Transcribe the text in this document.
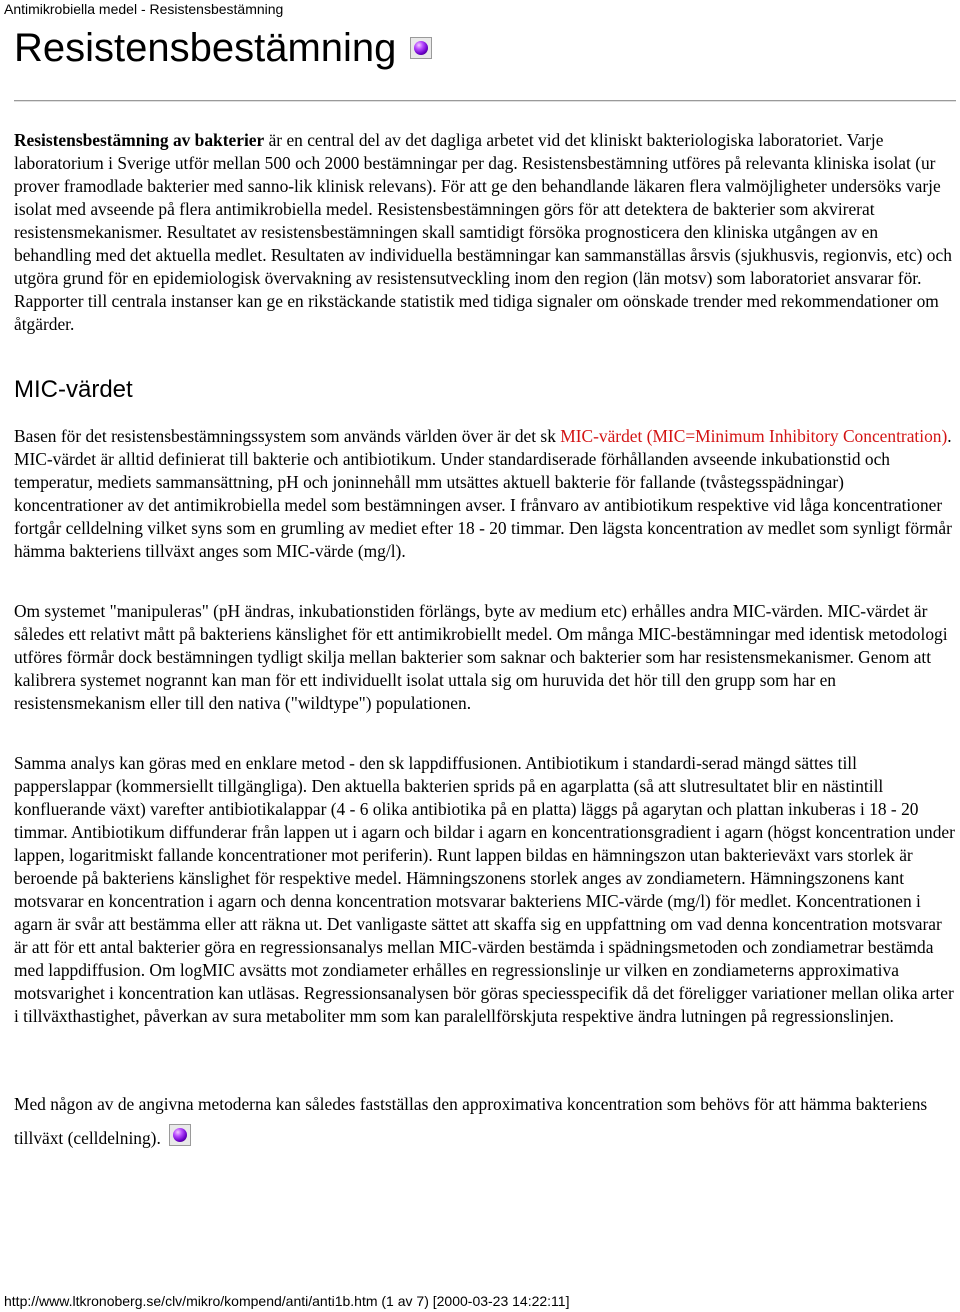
Antimikrobiella medel - Resistensbestämning
Resistensbestämning

Resistensbestämning av bakterier är en central del av det dagliga arbetet vid det kliniskt bakteriologiska laboratoriet. Varje laboratorium i Sverige utför mellan 500 och 2000 bestämningar per dag. Resistensbestämning utföres på relevanta kliniska isolat (ur prover framodlade bakterier med sanno-lik klinisk relevans). För att ge den behandlande läkaren flera valmöjligheter undersöks varje isolat med avseende på flera antimikrobiella medel. Resistensbestämningen görs för att detektera de bakterier som akvirerat resistensmekanismer. Resultatet av resistensbestämningen skall samtidigt försöka prognosticera den kliniska utgången av en behandling med det aktuella medlet. Resultaten av individuella bestämningar kan sammanställas årsvis (sjukhusvis, regionvis, etc) och utgöra grund för en epidemiologisk övervakning av resistensutveckling inom den region (län motsv) som laboratoriet ansvarar för. Rapporter till centrala instanser kan ge en rikstäckande statistik med tidiga signaler om oönskade trender med rekommendationer om åtgärder.

MIC-värdet

Basen för det resistensbestämningssystem som används världen över är det sk MIC-värdet (MIC=Minimum Inhibitory Concentration). MIC-värdet är alltid definierat till bakterie och antibiotikum. Under standardiserade förhållanden avseende inkubationstid och temperatur, mediets sammansättning, pH och joninnehåll mm utsättes aktuell bakterie för fallande (tvåstegsspädningar) koncentrationer av det antimikrobiella medel som bestämningen avser. I frånvaro av antibiotikum respektive vid låga koncentrationer fortgår celldelning vilket syns som en grumling av mediet efter 18 - 20 timmar. Den lägsta koncentration av medlet som synligt förmår hämma bakteriens tillväxt anges som MIC-värde (mg/l).

Om systemet "manipuleras" (pH ändras, inkubationstiden förlängs, byte av medium etc) erhålles andra MIC-värden. MIC-värdet är således ett relativt mått på bakteriens känslighet för ett antimikrobiellt medel. Om många MIC-bestämningar med identisk metodologi utföres förmår dock bestämningen tydligt skilja mellan bakterier som saknar och bakterier som har resistensmekanismer. Genom att kalibrera systemet nogrannt kan man för ett individuellt isolat uttala sig om huruvida det hör till den grupp som har en resistensmekanism eller till den nativa ("wildtype") populationen.

Samma analys kan göras med en enklare metod - den sk lappdiffusionen. Antibiotikum i standardi-serad mängd sättes till papperslappar (kommersiellt tillgängliga). Den aktuella bakterien sprids på en agarplatta (så att slutresultatet blir en nästintill konfluerande växt) varefter antibiotikalappar (4 - 6 olika antibiotika på en platta) läggs på agarytan och plattan inkuberas i 18 - 20 timmar. Antibiotikum diffunderar från lappen ut i agarn och bildar i agarn en koncentrationsgradient i agarn (högst koncentration under lappen, logaritmiskt fallande koncentrationer mot periferin). Runt lappen bildas en hämningszon utan bakterieväxt vars storlek är beroende på bakteriens känslighet för respektive medel. Hämningszonens storlek anges av zondiametern. Hämningszonens kant motsvarar en koncentration i agarn och denna koncentration motsvarar bakteriens MIC-värde (mg/l) för medlet. Koncentrationen i agarn är svår att bestämma eller att räkna ut. Det vanligaste sättet att skaffa sig en uppfattning om vad denna koncentration motsvarar är att för ett antal bakterier göra en regressionsanalys mellan MIC-värden bestämda i spädningsmetoden och zondiametrar bestämda med lappdiffusion. Om logMIC avsätts mot zondiameter erhålles en regressionslinje ur vilken en zondiameterns approximativa motsvarighet i koncentration kan utläsas. Regressionsanalysen bör göras speciesspecifik då det föreligger variationer mellan olika arter i tillväxthastighet, påverkan av sura metaboliter mm som kan paralellförskjuta respektive ändra lutningen på regressionslinjen.

Med någon av de angivna metoderna kan således fastställas den approximativa koncentration som behövs för att hämma bakteriens tillväxt (celldelning).

http://www.ltkronoberg.se/clv/mikro/kompend/anti/anti1b.htm (1 av 7) [2000-03-23 14:22:11]
